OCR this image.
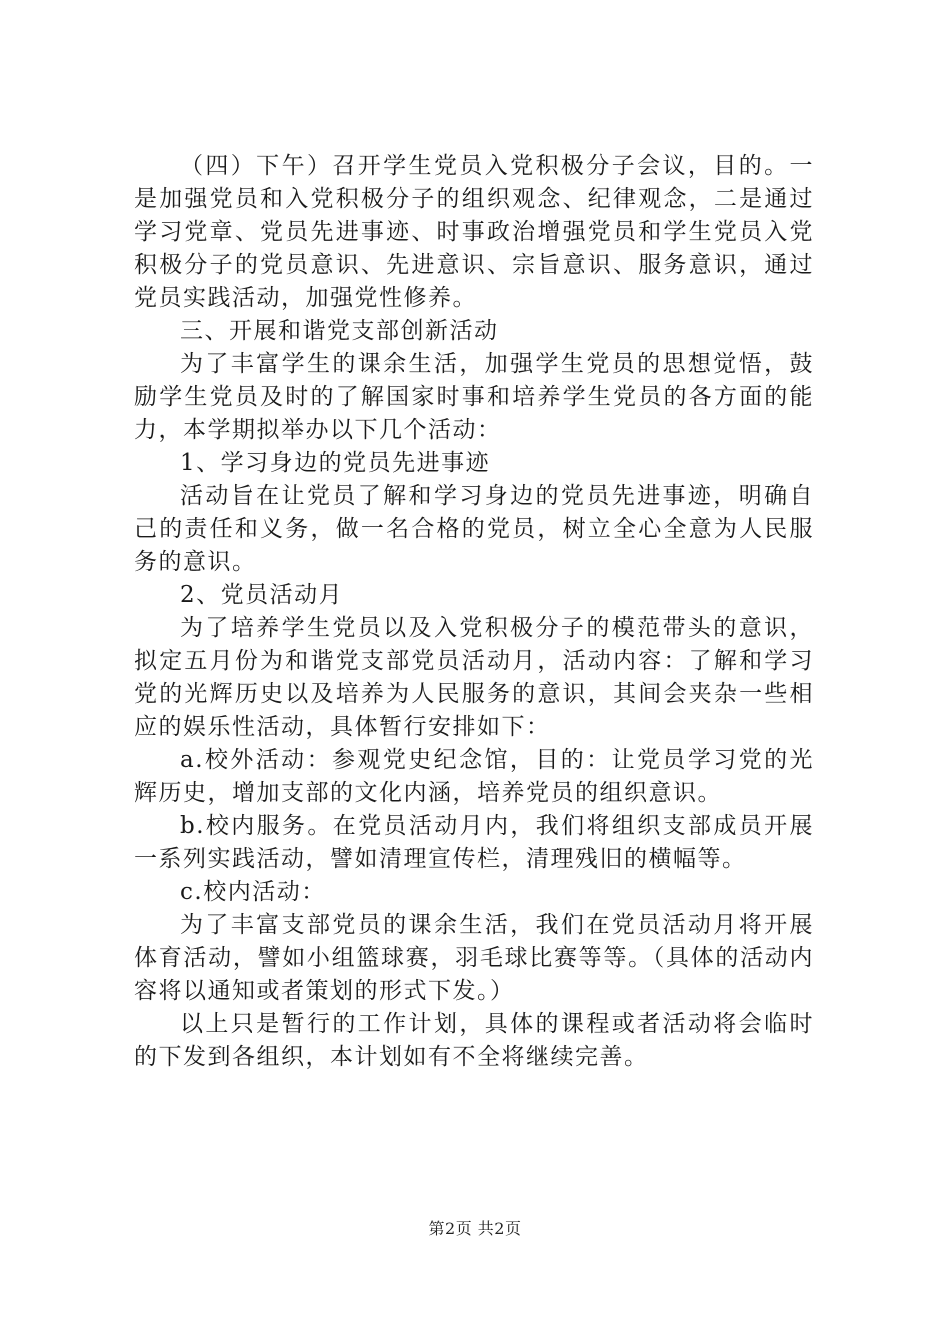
（四）下午）召开学生党员入党积极分子会议，目的。一是加强党员和入党积极分子的组织观念、纪律观念，二是通过学习党章、党员先进事迹、时事政治增强党员和学生党员入党积极分子的党员意识、先进意识、宗旨意识、服务意识，通过党员实践活动，加强党性修养。

三、开展和谐党支部创新活动

为了丰富学生的课余生活，加强学生党员的思想觉悟，鼓励学生党员及时的了解国家时事和培养学生党员的各方面的能力，本学期拟举办以下几个活动：

1、学习身边的党员先进事迹

活动旨在让党员了解和学习身边的党员先进事迹，明确自己的责任和义务，做一名合格的党员，树立全心全意为人民服务的意识。

2、党员活动月

为了培养学生党员以及入党积极分子的模范带头的意识，拟定五月份为和谐党支部党员活动月，活动内容：了解和学习党的光辉历史以及培养为人民服务的意识，其间会夹杂一些相应的娱乐性活动，具体暂行安排如下：

a.校外活动：参观党史纪念馆，目的：让党员学习党的光辉历史，增加支部的文化内涵，培养党员的组织意识。

b.校内服务。在党员活动月内，我们将组织支部成员开展一系列实践活动，譬如清理宣传栏，清理残旧的横幅等。

c.校内活动：

为了丰富支部党员的课余生活，我们在党员活动月将开展体育活动，譬如小组篮球赛，羽毛球比赛等等。（具体的活动内容将以通知或者策划的形式下发。）

以上只是暂行的工作计划，具体的课程或者活动将会临时的下发到各组织，本计划如有不全将继续完善。

第2页 共2页
